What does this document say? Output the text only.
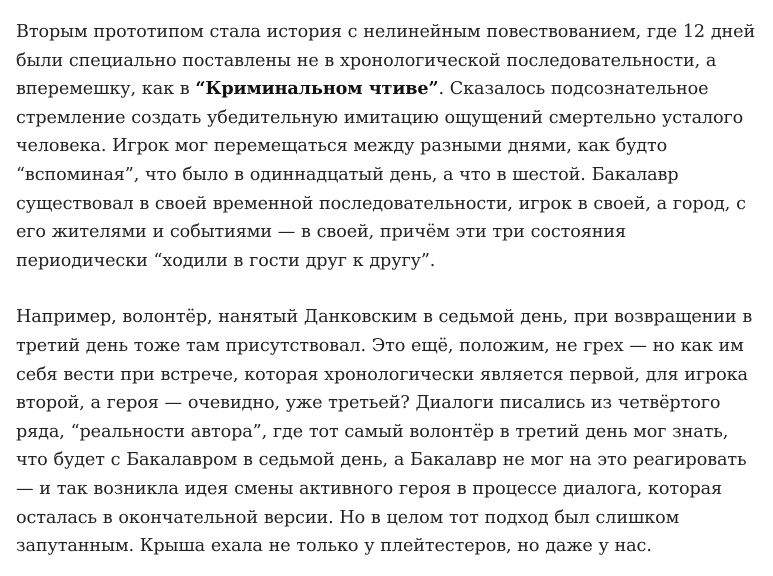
Вторым прототипом стала история с нелинейным повествованием, где 12 дней были специально поставлены не в хронологической последовательности, а вперемешку, как в “Криминальном чтиве”. Сказалось подсознательное стремление создать убедительную имитацию ощущений смертельно усталого человека. Игрок мог перемещаться между разными днями, как будто “вспоминая”, что было в одиннадцатый день, а что в шестой. Бакалавр существовал в своей временной последовательности, игрок в своей, а город, с его жителями и событиями — в своей, причём эти три состояния периодически “ходили в гости друг к другу”.

Например, волонтёр, нанятый Данковским в седьмой день, при возвращении в третий день тоже там присутствовал. Это ещё, положим, не грех — но как им себя вести при встрече, которая хронологически является первой, для игрока второй, а героя — очевидно, уже третьей? Диалоги писались из четвёртого ряда, “реальности автора”, где тот самый волонтёр в третий день мог знать, что будет с Бакалавром в седьмой день, а Бакалавр не мог на это реагировать — и так возникла идея смены активного героя в процессе диалога, которая осталась в окончательной версии. Но в целом тот подход был слишком запутанным. Крыша ехала не только у плейтестеров, но даже у нас.
